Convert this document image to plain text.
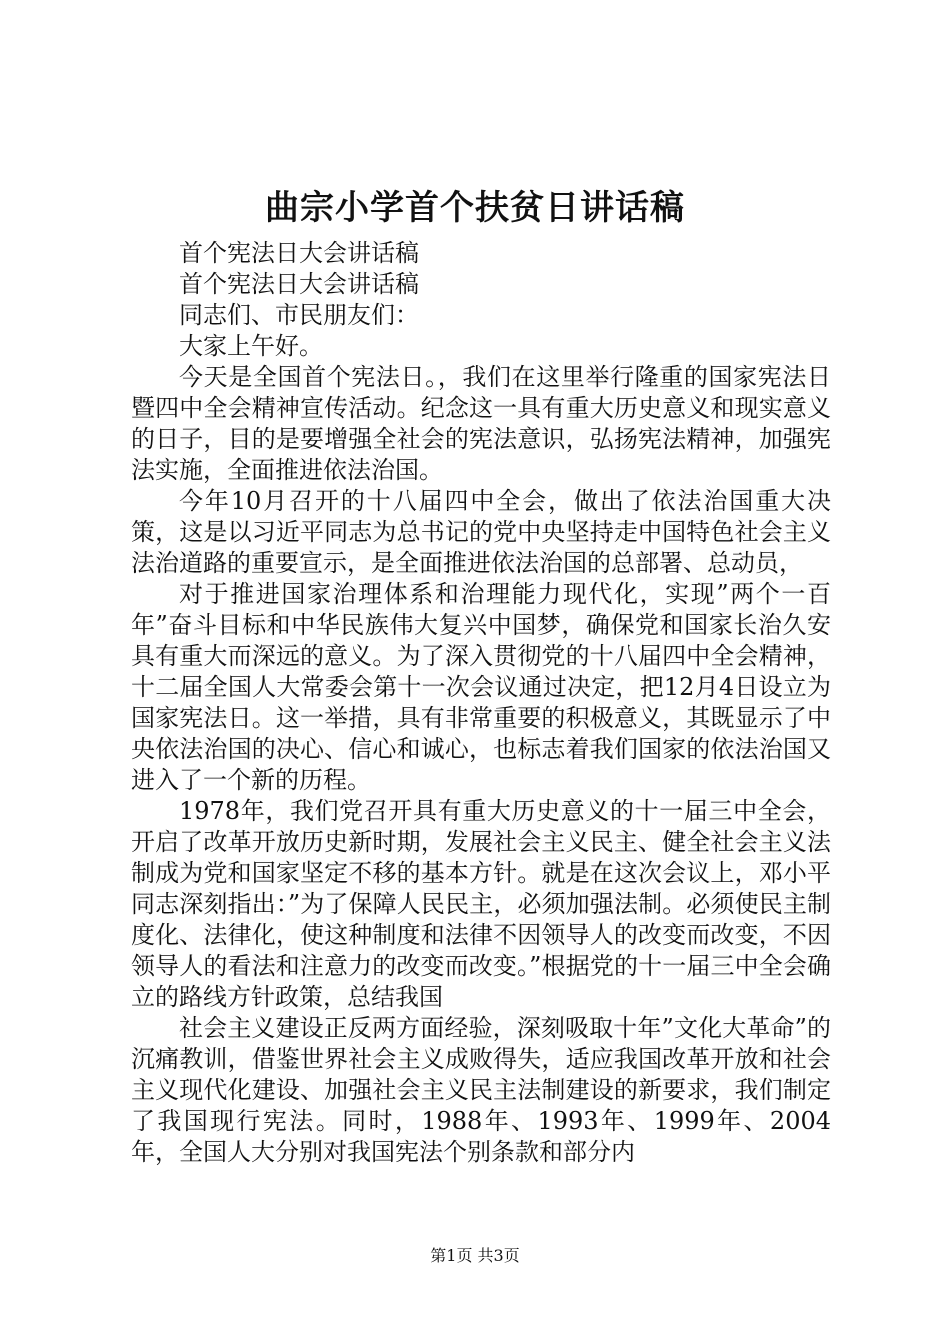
曲宗小学首个扶贫日讲话稿

首个宪法日大会讲话稿

首个宪法日大会讲话稿

同志们、市民朋友们：

大家上午好。

今天是全国首个宪法日。，我们在这里举行隆重的国家宪法日暨四中全会精神宣传活动。纪念这一具有重大历史意义和现实意义的日子，目的是要增强全社会的宪法意识，弘扬宪法精神，加强宪法实施，全面推进依法治国。

今年10月召开的十八届四中全会，做出了依法治国重大决策，这是以习近平同志为总书记的党中央坚持走中国特色社会主义法治道路的重要宣示，是全面推进依法治国的总部署、总动员，

对于推进国家治理体系和治理能力现代化，实现”两个一百年”奋斗目标和中华民族伟大复兴中国梦，确保党和国家长治久安具有重大而深远的意义。为了深入贯彻党的十八届四中全会精神，十二届全国人大常委会第十一次会议通过决定，把12月4日设立为国家宪法日。这一举措，具有非常重要的积极意义，其既显示了中央依法治国的决心、信心和诚心，也标志着我们国家的依法治国又进入了一个新的历程。

1978年，我们党召开具有重大历史意义的十一届三中全会，开启了改革开放历史新时期，发展社会主义民主、健全社会主义法制成为党和国家坚定不移的基本方针。就是在这次会议上，邓小平同志深刻指出：”为了保障人民民主，必须加强法制。必须使民主制度化、法律化，使这种制度和法律不因领导人的改变而改变，不因领导人的看法和注意力的改变而改变。”根据党的十一届三中全会确立的路线方针政策，总结我国

社会主义建设正反两方面经验，深刻吸取十年”文化大革命”的沉痛教训，借鉴世界社会主义成败得失，适应我国改革开放和社会主义现代化建设、加强社会主义民主法制建设的新要求，我们制定了我国现行宪法。同时，1988年、1993年、1999年、2004年，全国人大分别对我国宪法个别条款和部分内

第1页 共3页
